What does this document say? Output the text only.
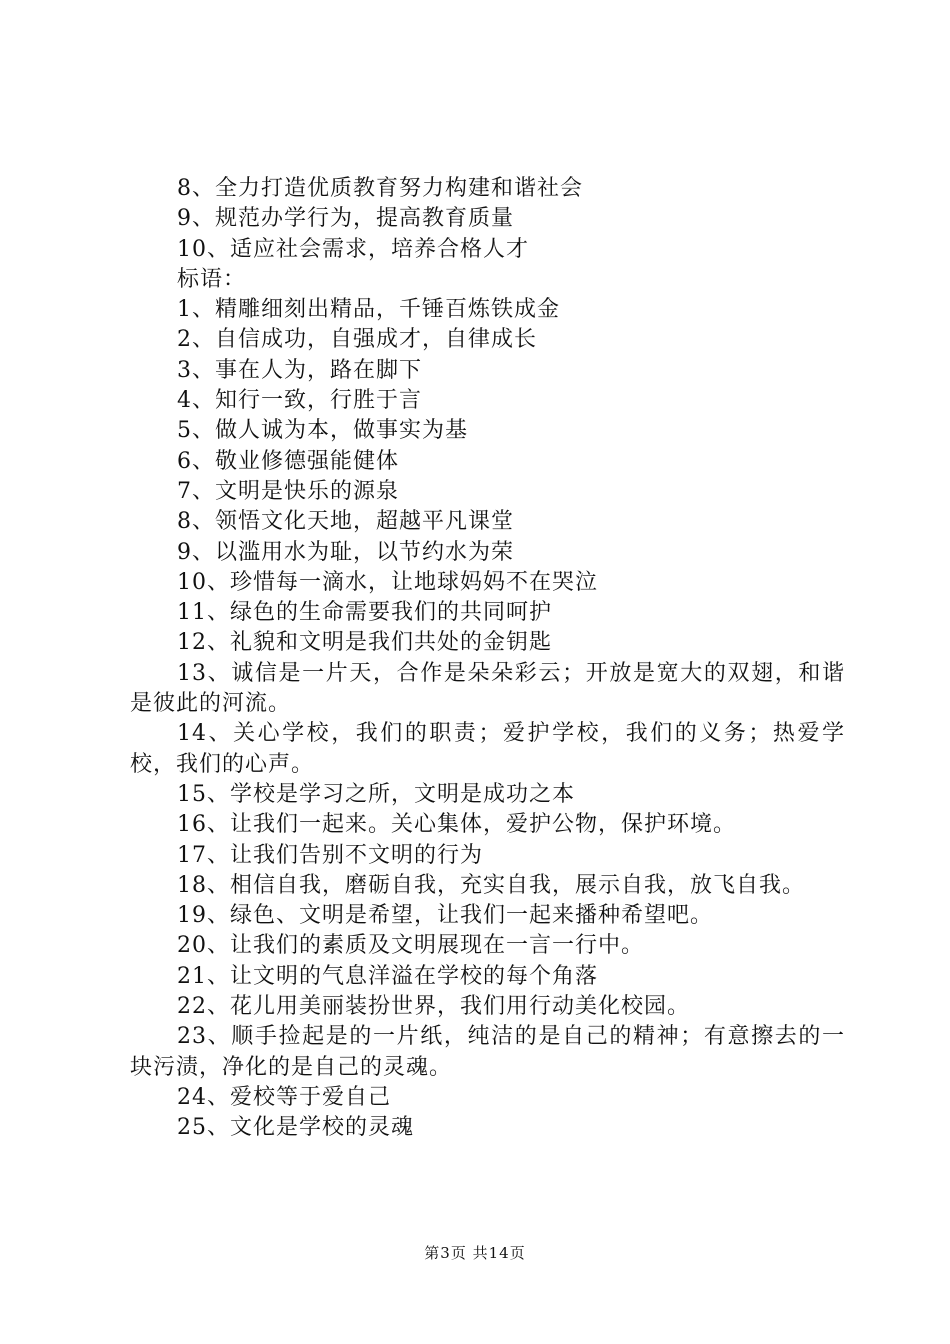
8、全力打造优质教育努力构建和谐社会
9、规范办学行为，提高教育质量
10、适应社会需求，培养合格人才
标语：
1、精雕细刻出精品，千锤百炼铁成金
2、自信成功，自强成才，自律成长
3、事在人为，路在脚下
4、知行一致，行胜于言
5、做人诚为本，做事实为基
6、敬业修德强能健体
7、文明是快乐的源泉
8、领悟文化天地，超越平凡课堂
9、以滥用水为耻，以节约水为荣
10、珍惜每一滴水，让地球妈妈不在哭泣
11、绿色的生命需要我们的共同呵护
12、礼貌和文明是我们共处的金钥匙
13、诚信是一片天，合作是朵朵彩云；开放是宽大的双翅，和谐是彼此的河流。
14、关心学校，我们的职责；爱护学校，我们的义务；热爱学校，我们的心声。
15、学校是学习之所，文明是成功之本
16、让我们一起来。关心集体，爱护公物，保护环境。
17、让我们告别不文明的行为
18、相信自我，磨砺自我，充实自我，展示自我，放飞自我。
19、绿色、文明是希望，让我们一起来播种希望吧。
20、让我们的素质及文明展现在一言一行中。
21、让文明的气息洋溢在学校的每个角落
22、花儿用美丽装扮世界，我们用行动美化校园。
23、顺手捡起是的一片纸，纯洁的是自己的精神；有意擦去的一块污渍，净化的是自己的灵魂。
24、爱校等于爱自己
25、文化是学校的灵魂
第3页 共14页
